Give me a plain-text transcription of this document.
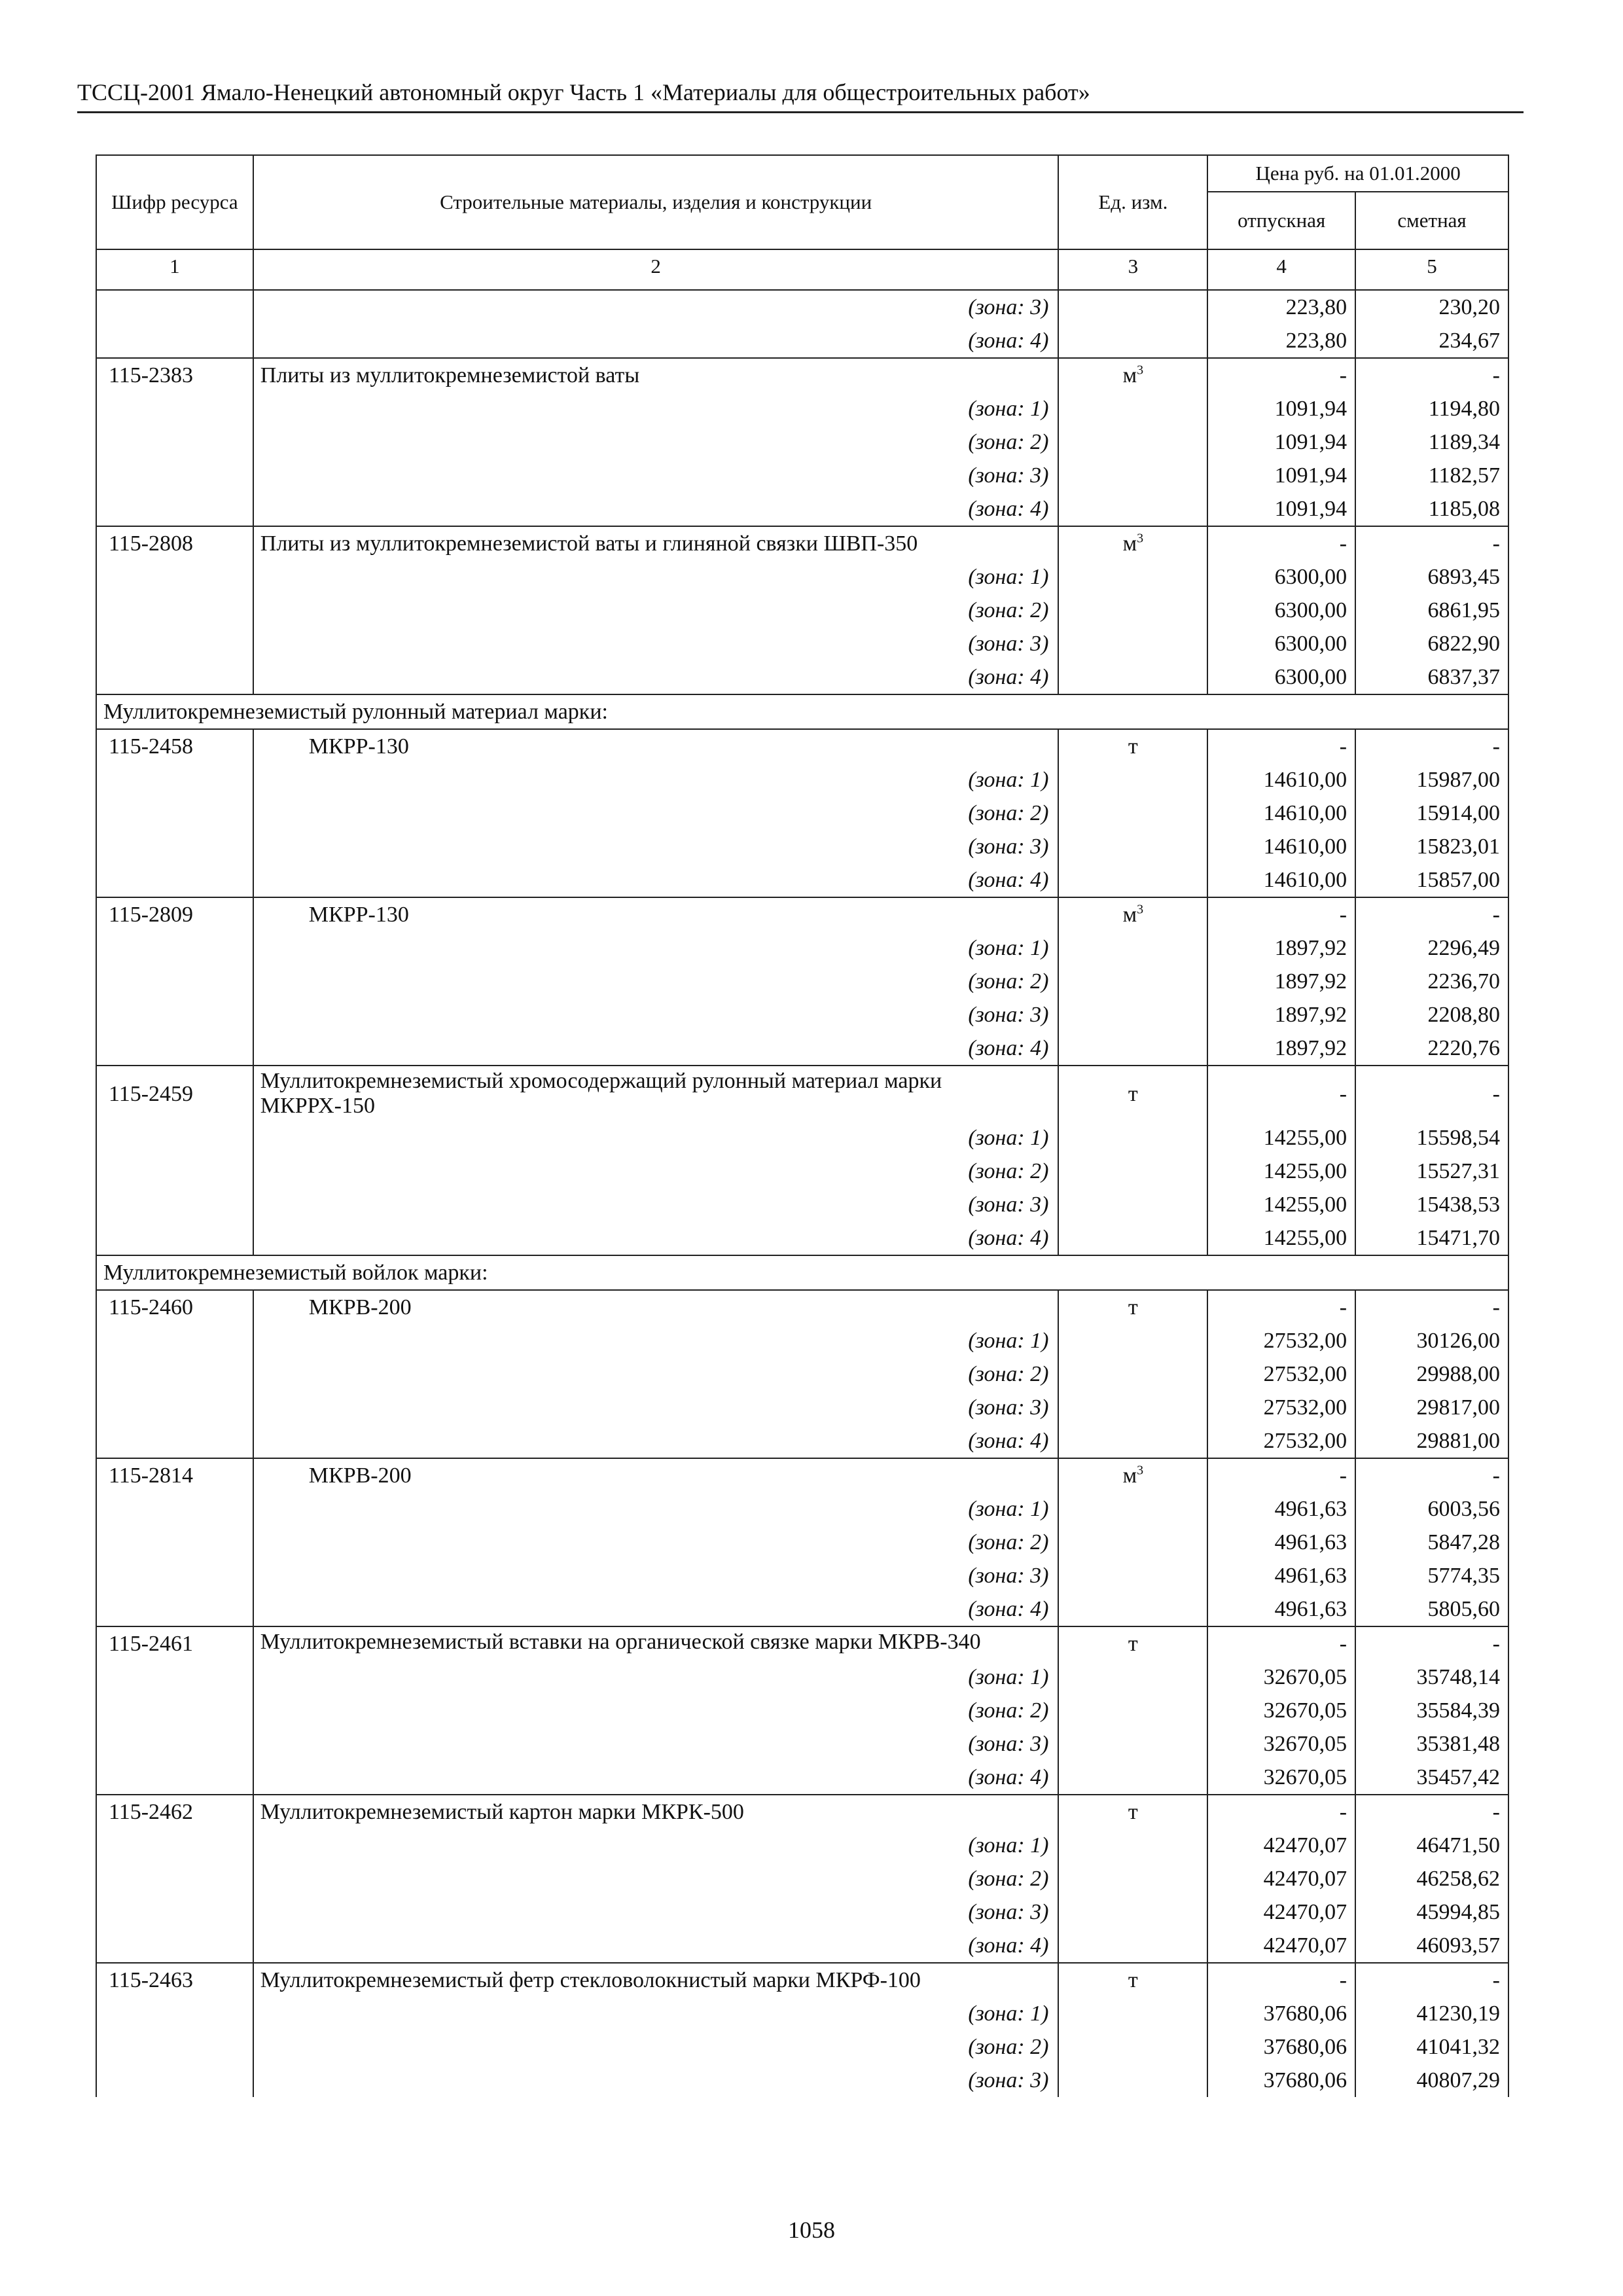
ТССЦ-2001 Ямало-Ненецкий автономный округ Часть 1 «Материалы для общестроительных работ»
Шифр ресурса	Строительные материалы, изделия и конструкции	Ед. изм.	Цена руб. на 01.01.2000	
			отпускная	сметная
1	2	3	4	5
	(зона: 3)		223,80	230,20
	(зона: 4)		223,80	234,67
115-2383	Плиты из муллитокремнеземистой ваты	$м^3$	-	-
	(зона: 1)		1091,94	1194,80
	(зона: 2)		1091,94	1189,34
	(зона: 3)		1091,94	1182,57
	(зона: 4)		1091,94	1185,08
115-2808	Плиты из муллитокремнеземистой ваты и глиняной связки ШВП-350	$м^3$	-	-
	(зона: 1)		6300,00	6893,45
	(зона: 2)		6300,00	6861,95
	(зона: 3)		6300,00	6822,90
	(зона: 4)		6300,00	6837,37
Муллитокремнеземистый рулонный материал марки:				
115-2458	МКРР-130	т	-	-
	(зона: 1)		14610,00	15987,00
	(зона: 2)		14610,00	15914,00
	(зона: 3)		14610,00	15823,01
	(зона: 4)		14610,00	15857,00
115-2809	МКРР-130	$м^3$	-	-
	(зона: 1)		1897,92	2296,49
	(зона: 2)		1897,92	2236,70
	(зона: 3)		1897,92	2208,80
	(зона: 4)		1897,92	2220,76
115-2459	Муллитокремнеземистый хромосодержащий рулонный материал марки МКРРХ-150	т	-	-
	(зона: 1)		14255,00	15598,54
	(зона: 2)		14255,00	15527,31
	(зона: 3)		14255,00	15438,53
	(зона: 4)		14255,00	15471,70
Муллитокремнеземистый войлок марки:				
115-2460	МКРВ-200	т	-	-
	(зона: 1)		27532,00	30126,00
	(зона: 2)		27532,00	29988,00
	(зона: 3)		27532,00	29817,00
	(зона: 4)		27532,00	29881,00
115-2814	МКРВ-200	$м^3$	-	-
	(зона: 1)		4961,63	6003,56
	(зона: 2)		4961,63	5847,28
	(зона: 3)		4961,63	5774,35
	(зона: 4)		4961,63	5805,60
115-2461	Муллитокремнеземистый вставки на органической связке марки МКРВ-340	т	-	-
	(зона: 1)		32670,05	35748,14
	(зона: 2)		32670,05	35584,39
	(зона: 3)		32670,05	35381,48
	(зона: 4)		32670,05	35457,42
115-2462	Муллитокремнеземистый картон марки МКРК-500	т	-	-
	(зона: 1)		42470,07	46471,50
	(зона: 2)		42470,07	46258,62
	(зона: 3)		42470,07	45994,85
	(зона: 4)		42470,07	46093,57
115-2463	Муллитокремнеземистый фетр стекловолокнистый марки МКРФ-100	т	-	-
	(зона: 1)		37680,06	41230,19
	(зона: 2)		37680,06	41041,32
	(зона: 3)		37680,06	40807,29
1058
